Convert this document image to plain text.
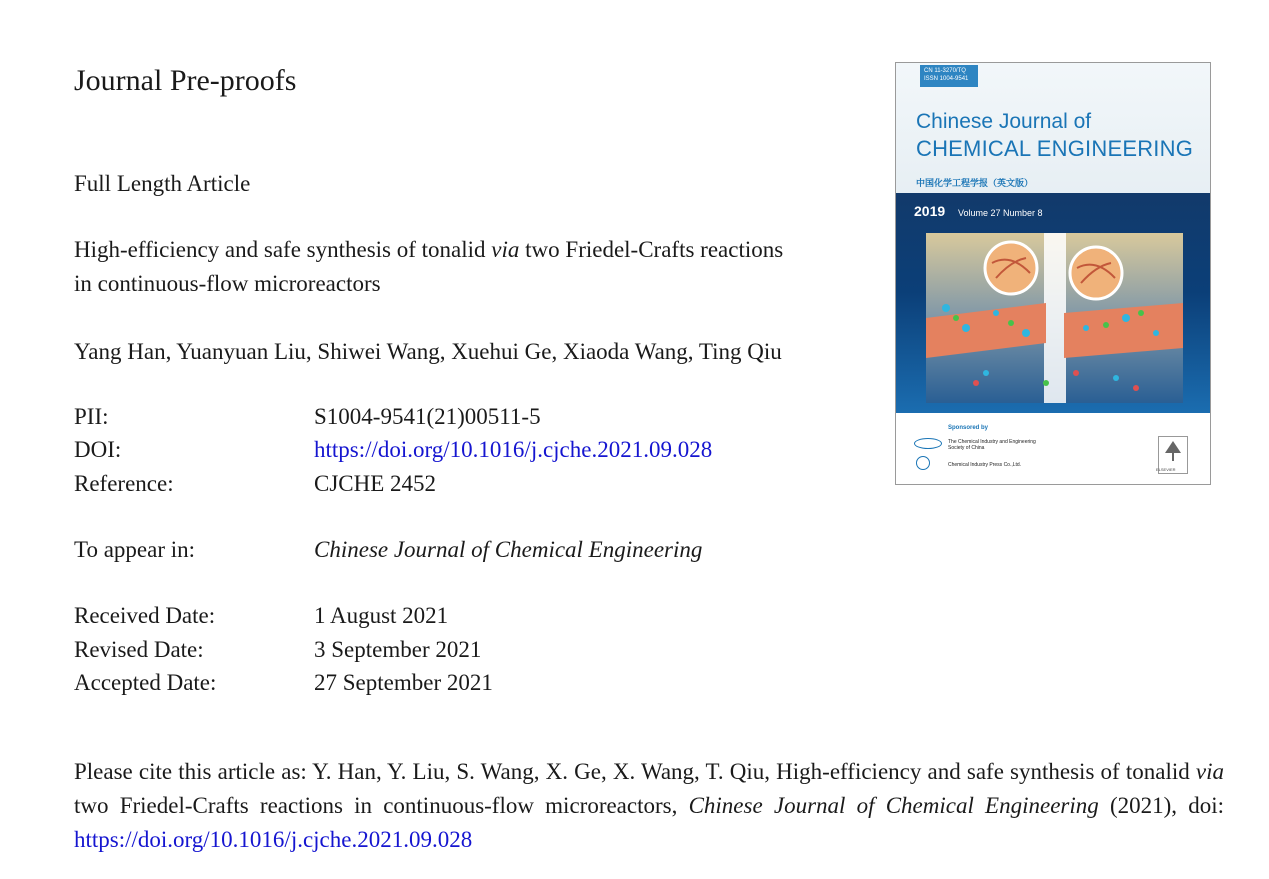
Journal Pre-proofs
Full Length Article
High-efficiency and safe synthesis of tonalid via two Friedel-Crafts reactions
in continuous-flow microreactors
Yang Han, Yuanyuan Liu, Shiwei Wang, Xuehui Ge, Xiaoda Wang, Ting Qiu
PII:	S1004-9541(21)00511-5
DOI:	https://doi.org/10.1016/j.cjche.2021.09.028
Reference:	CJCHE 2452
To appear in:	Chinese Journal of Chemical Engineering
Received Date:	1 August 2021
Revised Date:	3 September 2021
Accepted Date:	27 September 2021
Please cite this article as: Y. Han, Y. Liu, S. Wang, X. Ge, X. Wang, T. Qiu, High-efficiency and safe synthesis of tonalid via two Friedel-Crafts reactions in continuous-flow microreactors, Chinese Journal of Chemical Engineering (2021), doi: https://doi.org/10.1016/j.cjche.2021.09.028
CN 11-3270/TQ
ISSN 1004-9541
Chinese Journal of
CHEMICAL ENGINEERING
中国化学工程学报（英文版）
2019 Volume 27 Number 8
Sponsored by
The Chemical Industry and Engineering Society of China
Chemical Industry Press Co.,Ltd.
ELSEVIER
